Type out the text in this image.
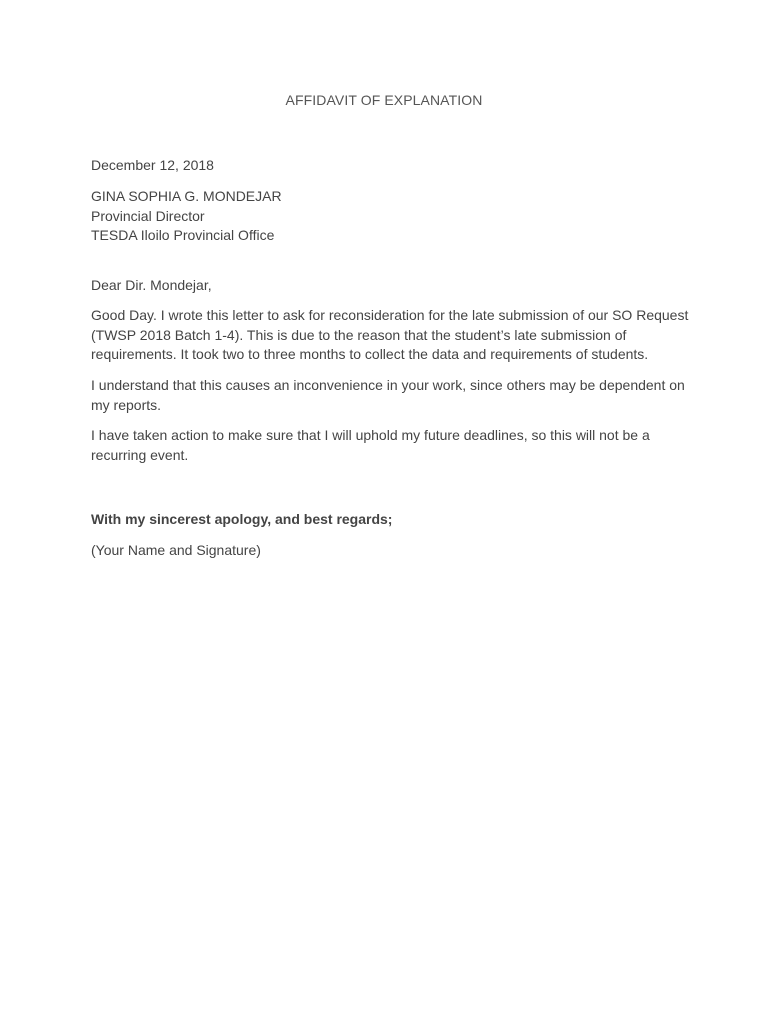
AFFIDAVIT OF EXPLANATION
December 12, 2018
GINA SOPHIA G. MONDEJAR
Provincial Director
TESDA Iloilo Provincial Office
Dear Dir. Mondejar,

Good Day. I wrote this letter to ask for reconsideration for the late submission of our SO Request (TWSP 2018 Batch 1-4). This is due to the reason that the student’s late submission of requirements. It took two to three months to collect the data and requirements of students.

I understand that this causes an inconvenience in your work, since others may be dependent on my reports.

I have taken action to make sure that I will uphold my future deadlines, so this will not be a recurring event.

With my sincerest apology, and best regards;
(Your Name and Signature)
